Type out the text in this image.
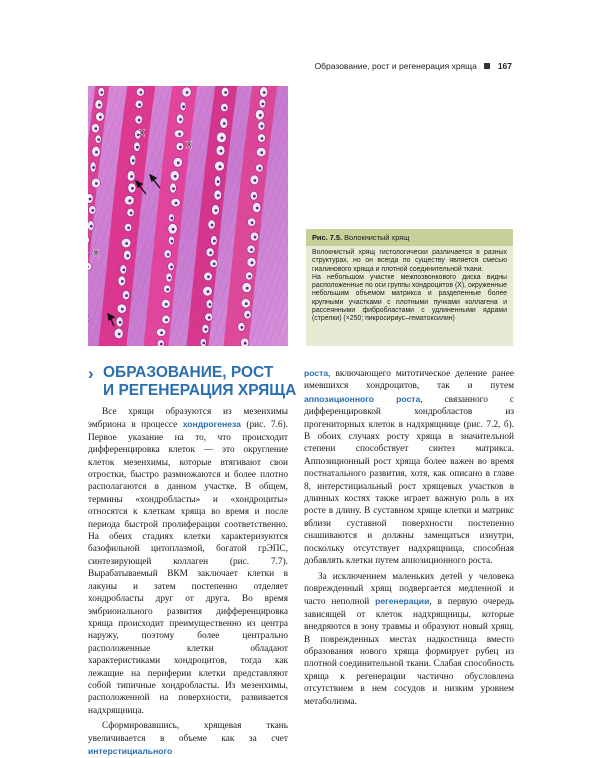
Образование, рост и регенерация хряща 167
X
X
X
Рис. 7.5. Волокнистый хрящ

Волокнистый хрящ гистологически различается в разных структурах, но он всегда по существу является смесью гиалинового хряща и плотной соединительной ткани.

На небольшом участке межпозвонкового диска видны расположенные по оси группы хондроцитов (X), окруженные небольшим объемом матрикса и разделенные более крупными участками с плотными пучками коллагена и рассеянными фибробластами с удлиненными ядрами (стрелки) (×250; пикросириус–гематоксилин)

› ОБРАЗОВАНИЕ, РОСТ
И РЕГЕНЕРАЦИЯ ХРЯЩА

Все хрящи образуются из мезенхимы эмбриона в процессе хондрогенеза (рис. 7.6). Первое указание на то, что происходит дифференцировка клеток — это округление клеток мезенхимы, которые втягивают свои отростки, быстро размножаются и более плотно располагаются в данном участке. В общем, термины «хондробласты» и «хондроциты» относятся к клеткам хряща во время и после периода быстрой пролиферации соответственно. На обеих стадиях клетки характеризуются базофильной цитоплазмой, богатой грЭПС, синтезирующей коллаген (рис. 7.7). Вырабатываемый ВКМ заключает клетки в лакуны и затем постепенно отделяет хондробласты друг от друга. Во время эмбрионального развития дифференцировка хряща происходит преимущественно из центра наружу, поэтому более центрально расположенные клетки обладают характеристиками хондроцитов, тогда как лежащие на периферии клетки представляют собой типичные хондробласты. Из мезенхимы, расположенной на поверхности, развивается надхрящница.

Сформировавшись, хрящевая ткань увеличивается в объеме как за счет интерстициального

роста, включающего митотическое деление ранее имевшихся хондроцитов, так и путем аппозиционного роста, связанного с дифференцировкой хондробластов из прогениторных клеток в надхрящнице (рис. 7.2, б). В обоих случаях росту хряща в значительной степени способствует синтез матрикса. Аппозиционный рост хряща более важен во время постнатального развития, хотя, как описано в главе 8, интерстициальный рост хрящевых участков в длинных костях также играет важную роль в их росте в длину. В суставном хряще клетки и матрикс вблизи суставной поверхности постепенно снашиваются и должны замещаться изнутри, поскольку отсутствует надхрящница, способная добавлять клетки путем аппозиционного роста.

За исключением маленьких детей у человека поврежденный хрящ подвергается медленной и часто неполной регенерации, в первую очередь зависящей от клеток надхрящницы, которые внедряются в зону травмы и образуют новый хрящ. В поврежденных местах надкостница вместо образования нового хряща формирует рубец из плотной соединительной ткани. Слабая способность хряща к регенерации частично обусловлена отсутствием в нем сосудов и низким уровнем метаболизма.
